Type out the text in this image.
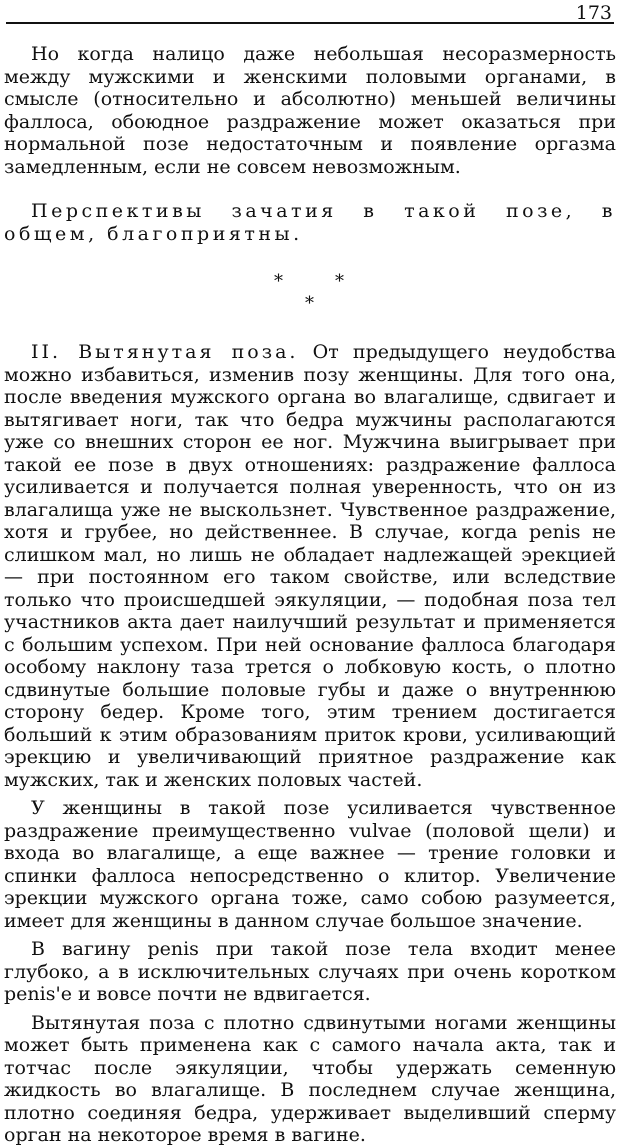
173

Но когда налицо даже небольшая несоразмерность между мужскими и женскими половыми органами, в смысле (относительно и абсолютно) меньшей величины фаллоса, обоюдное раздражение может оказаться при нормальной позе недостаточным и появление оргазма замедленным, если не совсем невозможным.

Перспективы зачатия в такой позе, в общем, благоприятны.

*	*
*

II. Вытянутая поза. От предыдущего неудобства можно избавиться, изменив позу женщины. Для того она, после введения мужского органа во влагалище, сдвигает и вытягивает ноги, так что бедра мужчины располагаются уже со внешних сторон ее ног. Мужчина выигрывает при такой ее позе в двух отношениях: раздражение фаллоса усиливается и получается полная уверенность, что он из влагалища уже не выскользнет. Чувственное раздражение, хотя и грубее, но действеннее. В случае, когда penis не слишком мал, но лишь не обладает надлежащей эрекцией — при постоянном его таком свойстве, или вследствие только что происшедшей эякуляции, — подобная поза тел участников акта дает наилучший результат и применяется с большим успехом. При ней основание фаллоса благодаря особому наклону таза трется о лобковую кость, о плотно сдвинутые большие половые губы и даже о внутреннюю сторону бедер. Кроме того, этим трением достигается больший к этим образованиям приток крови, усиливающий эрекцию и увеличивающий приятное раздражение как мужских, так и женских половых частей.

У женщины в такой позе усиливается чувственное раздражение преимущественно vulvae (половой щели) и входа во влагалище, а еще важнее — трение головки и спинки фаллоса непосредственно о клитор. Увеличение эрекции мужского органа тоже, само собою разумеется, имеет для женщины в данном случае большое значение.

В вагину penis при такой позе тела входит менее глубоко, а в исключительных случаях при очень коротком penis'e и вовсе почти не вдвигается.

Вытянутая поза с плотно сдвинутыми ногами женщины может быть применена как с самого начала акта, так и тотчас после эякуляции, чтобы удержать семенную жидкость во влагалище. В последнем случае женщина, плотно соединяя бедра, удерживает выделивший сперму орган на некоторое время в вагине.
